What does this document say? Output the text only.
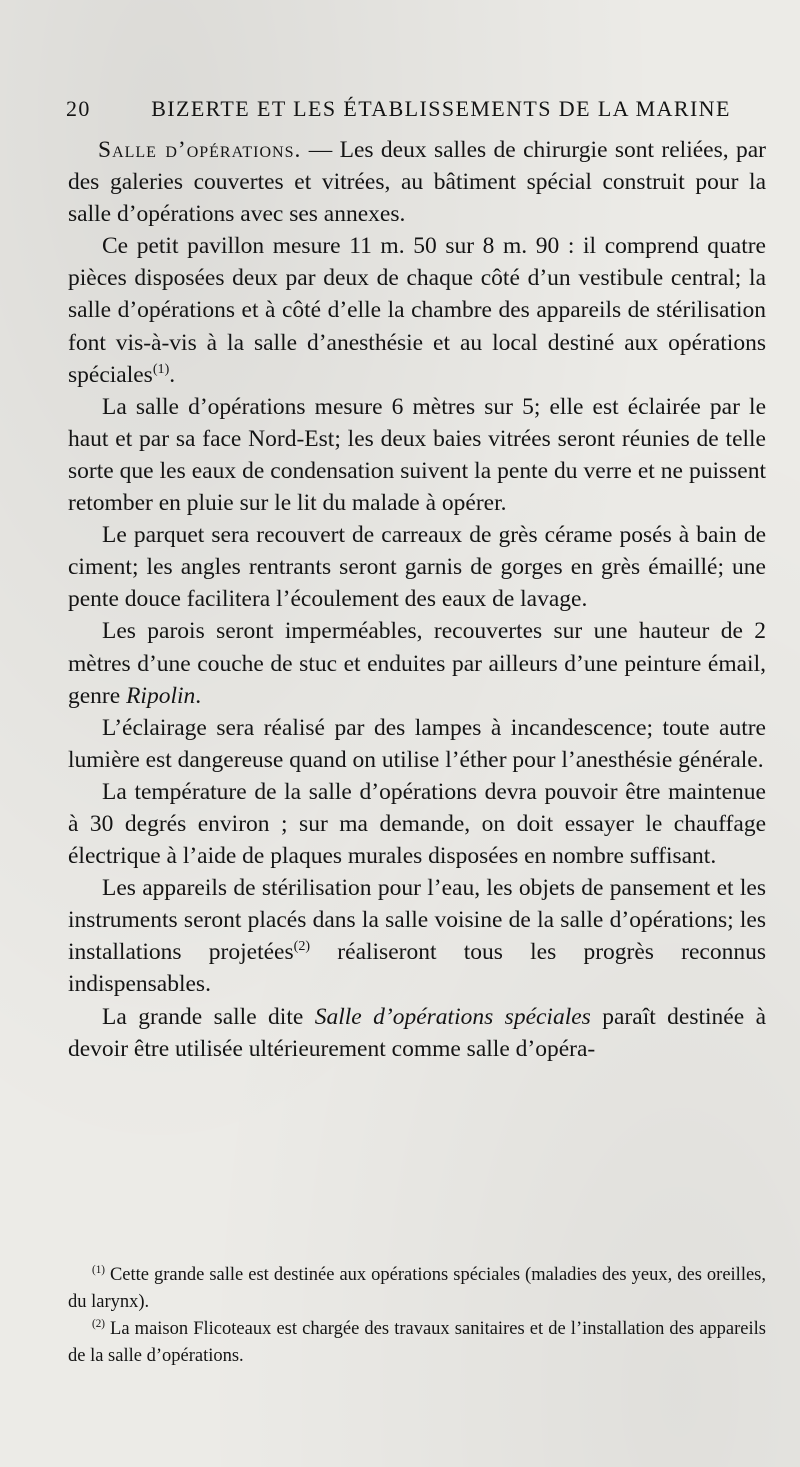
20	BIZERTE ET LES ÉTABLISSEMENTS DE LA MARINE

Salle d’opérations. — Les deux salles de chirurgie sont reliées, par des galeries couvertes et vitrées, au bâtiment spécial construit pour la salle d’opérations avec ses annexes.

Ce petit pavillon mesure 11 m. 50 sur 8 m. 90 : il comprend quatre pièces disposées deux par deux de chaque côté d’un vestibule central; la salle d’opérations et à côté d’elle la chambre des appareils de stérilisation font vis-à-vis à la salle d’anesthésie et au local destiné aux opérations spéciales$^{(1)}$.

La salle d’opérations mesure 6 mètres sur 5; elle est éclairée par le haut et par sa face Nord-Est; les deux baies vitrées seront réunies de telle sorte que les eaux de condensation suivent la pente du verre et ne puissent retomber en pluie sur le lit du malade à opérer.

Le parquet sera recouvert de carreaux de grès cérame posés à bain de ciment; les angles rentrants seront garnis de gorges en grès émaillé; une pente douce facilitera l’écoulement des eaux de lavage.

Les parois seront imperméables, recouvertes sur une hauteur de 2 mètres d’une couche de stuc et enduites par ailleurs d’une peinture émail, genre Ripolin.

L’éclairage sera réalisé par des lampes à incandescence; toute autre lumière est dangereuse quand on utilise l’éther pour l’anesthésie générale.

La température de la salle d’opérations devra pouvoir être maintenue à 30 degrés environ ; sur ma demande, on doit essayer le chauffage électrique à l’aide de plaques murales disposées en nombre suffisant.

Les appareils de stérilisation pour l’eau, les objets de pansement et les instruments seront placés dans la salle voisine de la salle d’opérations; les installations projetées$^{(2)}$ réaliseront tous les progrès reconnus indispensables.

La grande salle dite Salle d’opérations spéciales paraît destinée à devoir être utilisée ultérieurement comme salle d’opéra-

$^{(1)}$ Cette grande salle est destinée aux opérations spéciales (maladies des yeux, des oreilles, du larynx).

$^{(2)}$ La maison Flicoteaux est chargée des travaux sanitaires et de l’installation des appareils de la salle d’opérations.
